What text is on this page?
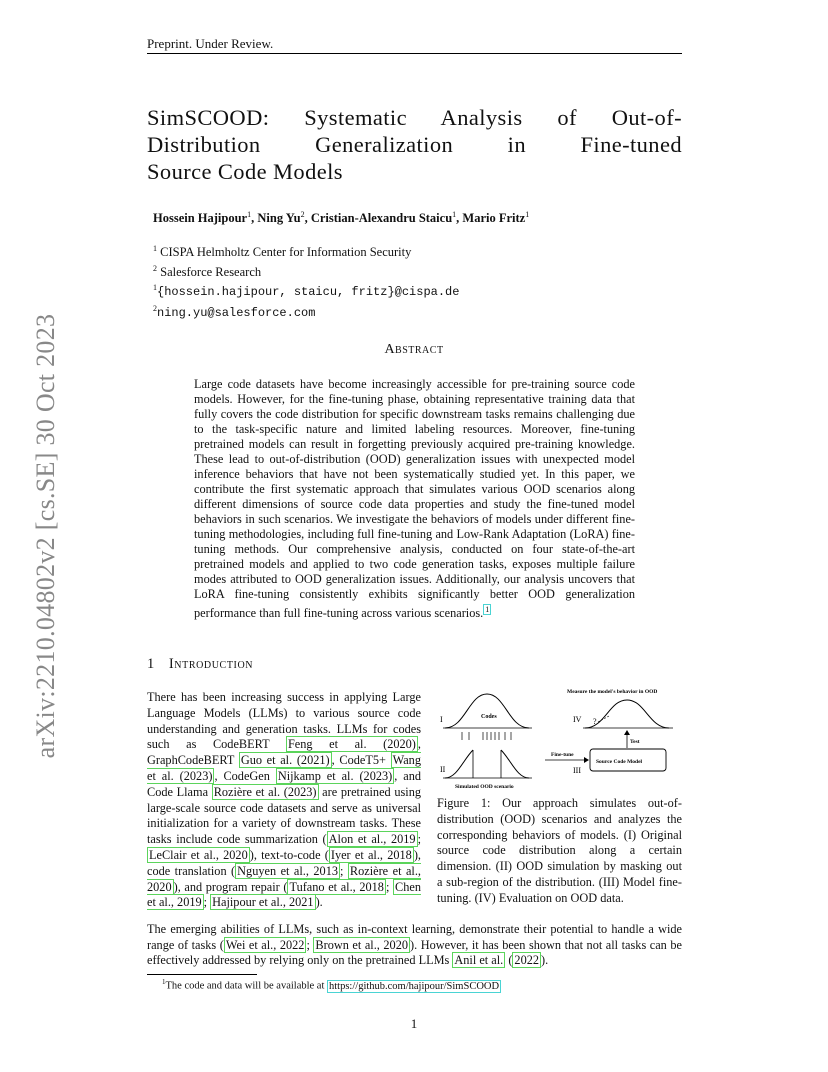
Preprint. Under Review.
arXiv:2210.04802v2 [cs.SE] 30 Oct 2023
SimSCOOD: Systematic Analysis of Out-of-
Distribution Generalization in Fine-tuned
Source Code Models
Hossein Hajipour$^1$, Ning Yu$^2$, Cristian-Alexandru Staicu$^1$, Mario Fritz$^1$
$^1$ CISPA Helmholtz Center for Information Security
$^2$ Salesforce Research
$^1${hossein.hajipour, staicu, fritz}@cispa.de
$^2$ning.yu@salesforce.com
Abstract
Large code datasets have become increasingly accessible for pre-training source code models. However, for the fine-tuning phase, obtaining representative training data that fully covers the code distribution for specific downstream tasks remains challenging due to the task-specific nature and limited labeling resources. Moreover, fine-tuning pretrained models can result in forgetting previously acquired pre-training knowledge. These lead to out-of-distribution (OOD) generalization issues with unexpected model inference behaviors that have not been systematically studied yet. In this paper, we contribute the first systematic approach that simulates various OOD scenarios along different dimensions of source code data properties and study the fine-tuned model behaviors in such scenarios. We investigate the behaviors of models under different fine-tuning methodologies, including full fine-tuning and Low-Rank Adaptation (LoRA) fine-tuning methods. Our comprehensive analysis, conducted on four state-of-the-art pretrained models and applied to two code generation tasks, exposes multiple failure modes attributed to OOD generalization issues. Additionally, our analysis uncovers that LoRA fine-tuning consistently exhibits significantly better OOD generalization performance than full fine-tuning across various scenarios. $^1$
1 Introduction
There has been increasing success in applying Large Language Models (LLMs) to various source code understanding and generation tasks. LLMs for codes such as CodeBERT Feng et al. (2020) , GraphCodeBERT Guo et al. (2021) , CodeT5+ Wang et al. (2023) , CodeGen Nijkamp et al. (2023) , and Code Llama Rozière et al. (2023) are pretrained using large-scale source code datasets and serve as universal initialization for a variety of downstream tasks. These tasks include code summarization ( Alon et al., 2019 ; LeClair et al., 2020 ), text-to-code ( Iyer et al., 2018 ), code translation ( Nguyen et al., 2013 ; Rozière et al., 2020 ), and program repair ( Tufano et al., 2018 ; Chen et al., 2019 ; Hajipour et al., 2021 ).
I	Codes
II
Simulated OOD scenario
Measure the model's behavior in OOD
IV ?
Test
Source Code Model
Fine-tune
III
Figure 1: Our approach simulates out-of-distribution (OOD) scenarios and analyzes the corresponding behaviors of models. (I) Original source code distribution along a certain dimension. (II) OOD simulation by masking out a sub-region of the distribution. (III) Model fine-tuning. (IV) Evaluation on OOD data.
The emerging abilities of LLMs, such as in-context learning, demonstrate their potential to handle a wide range of tasks ( Wei et al., 2022 ; Brown et al., 2020 ). However, it has been shown that not all tasks can be effectively addressed by relying only on the pretrained LLMs Anil et al. ( 2022 ).
$^1$The code and data will be available at https://github.com/hajipour/SimSCOOD
1
